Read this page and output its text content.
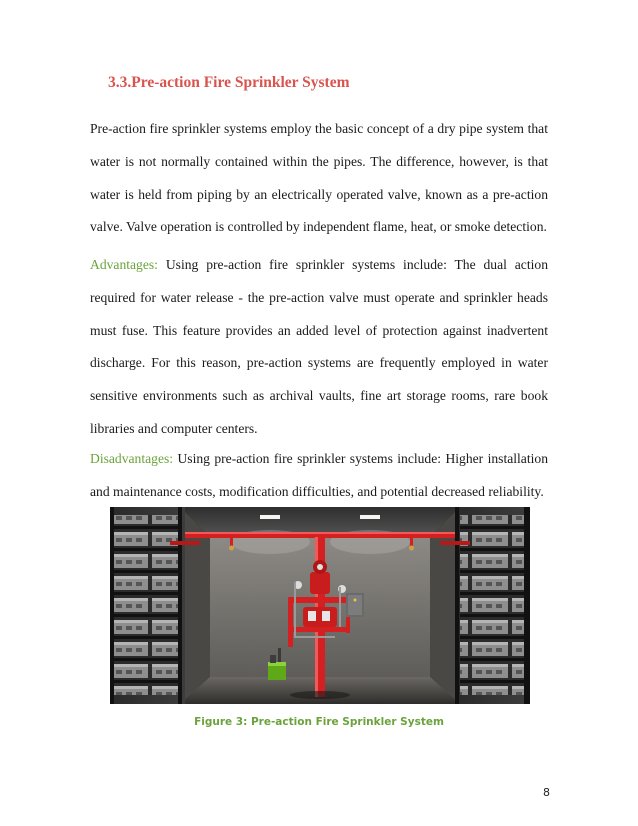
3.3.Pre-action Fire Sprinkler System

Pre-action fire sprinkler systems employ the basic concept of a dry pipe system that water is not normally contained within the pipes. The difference, however, is that water is held from piping by an electrically operated valve, known as a pre-action valve. Valve operation is controlled by independent flame, heat, or smoke detection.

Advantages: Using pre-action fire sprinkler systems include: The dual action required for water release - the pre-action valve must operate and sprinkler heads must fuse. This feature provides an added level of protection against inadvertent discharge. For this reason, pre-action systems are frequently employed in water sensitive environments such as archival vaults, fine art storage rooms, rare book libraries and computer centers.

Disadvantages: Using pre-action fire sprinkler systems include: Higher installation and maintenance costs, modification difficulties, and potential decreased reliability.

Figure 3: Pre-action Fire Sprinkler System

8
